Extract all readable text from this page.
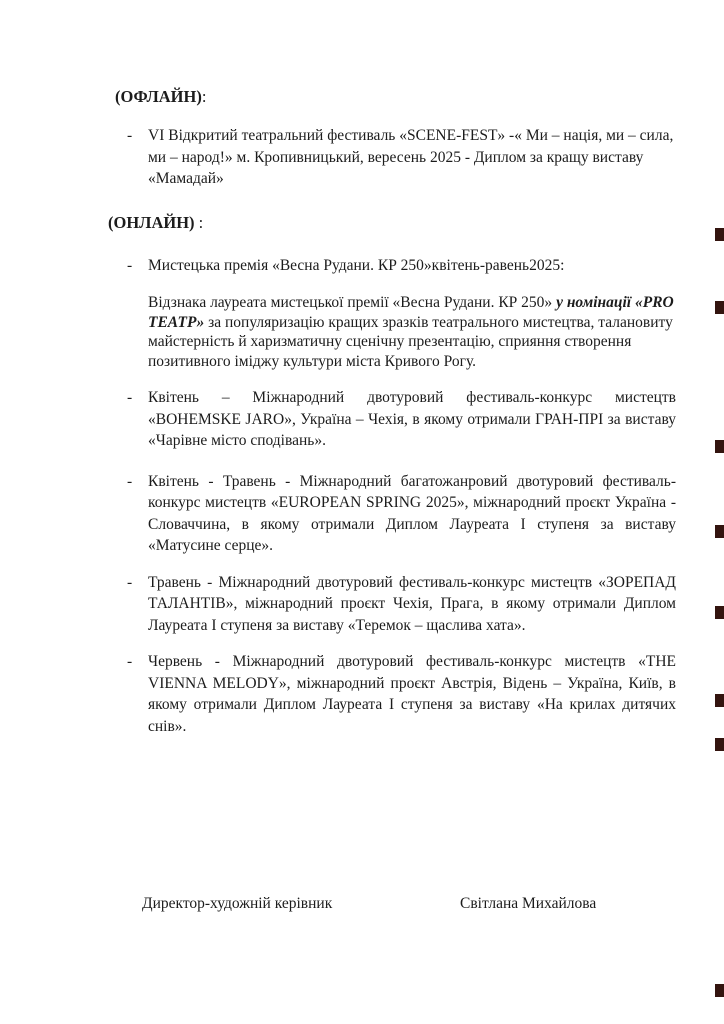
(ОФЛАЙН):
- VI Відкритий театральний фестиваль «SCENE-FEST» -« Ми – нація, ми – сила, ми – народ!» м. Кропивницький, вересень 2025 - Диплом за кращу виставу «Мамадай»
(ОНЛАЙН) :
- Мистецька премія «Весна Рудани. КР 250»квітень-равень2025:
Відзнака лауреата мистецької премії «Весна Рудани. КР 250» у номінації «PRO ТЕАТР» за популяризацію кращих зразків театрального мистецтва, талановиту майстерність й харизматичну сценічну презентацію, сприяння створення позитивного іміджу культури міста Кривого Рогу.
- Квітень – Міжнародний двотуровий фестиваль-конкурс мистецтв «BOHEMSKE JARO», Україна – Чехія, в якому отримали ГРАН-ПРІ за виставу «Чарівне місто сподівань».
- Квітень - Травень - Міжнародний багатожанровий двотуровий фестиваль-конкурс мистецтв «EUROPEAN SPRING 2025», міжнародний проєкт Україна - Словаччина, в якому отримали Диплом Лауреата І ступеня за виставу «Матусине серце».
- Травень - Міжнародний двотуровий фестиваль-конкурс мистецтв «ЗОРЕПАД ТАЛАНТІВ», міжнародний проєкт Чехія, Прага, в якому отримали Диплом Лауреата І ступеня за виставу «Теремок – щаслива хата».
- Червень - Міжнародний двотуровий фестиваль-конкурс мистецтв «THE VIENNA MELODY», міжнародний проєкт Австрія, Відень – Україна, Київ, в якому отримали Диплом Лауреата І ступеня за виставу «На крилах дитячих снів».
Директор-художній керівник	Світлана Михайлова
